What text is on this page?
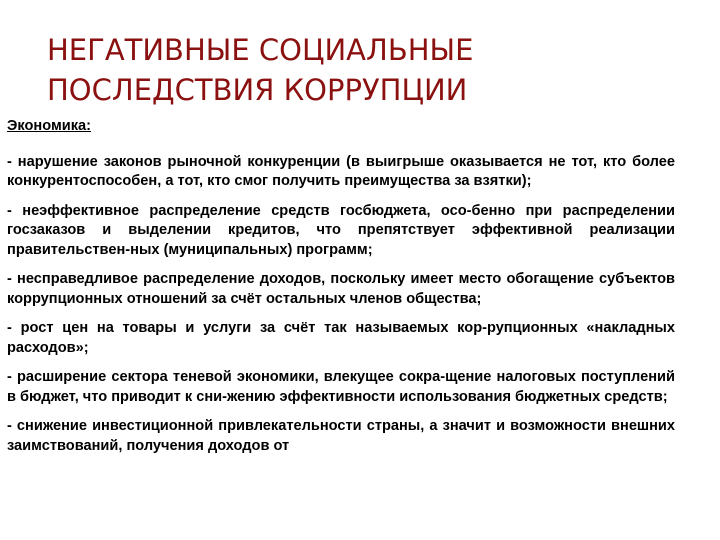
НЕГАТИВНЫЕ СОЦИАЛЬНЫЕ
ПОСЛЕДСТВИЯ КОРРУПЦИИ

Экономика:

- нарушение законов рыночной конкуренции (в выигрыше оказывается не тот, кто более конкурентоспособен, а тот, кто смог получить преимущества за взятки);

- неэффективное распределение средств госбюджета, осо-бенно при распределении госзаказов и выделении кредитов, что препятствует эффективной реализации правительствен-ных (муниципальных) программ;

- несправедливое распределение доходов, поскольку имеет место обогащение субъектов коррупционных отношений за счёт остальных членов общества;

- рост цен на товары и услуги за счёт так называемых кор-рупционных «накладных расходов»;

- расширение сектора теневой экономики, влекущее сокра-щение налоговых поступлений в бюджет, что приводит к сни-жению эффективности использования бюджетных средств;

- снижение инвестиционной привлекательности страны, а значит и возможности внешних заимствований, получения доходов от
